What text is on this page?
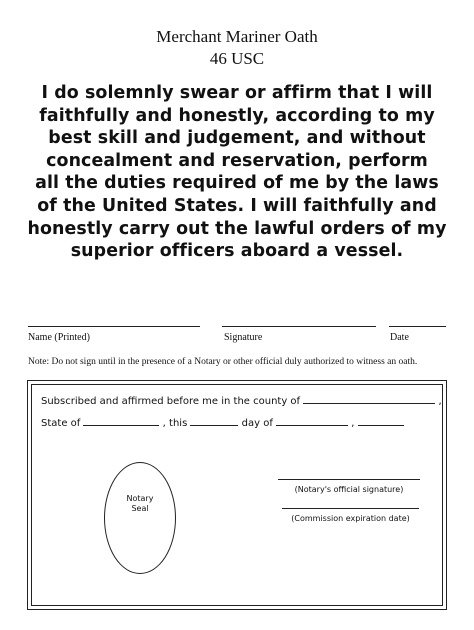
Merchant Mariner Oath
46 USC
I do solemnly swear or affirm that I will
faithfully and honestly, according to my
best skill and judgement, and without
concealment and reservation, perform
all the duties required of me by the laws
of the United States. I will faithfully and
honestly carry out the lawful orders of my
superior officers aboard a vessel.
Name (Printed)	Signature	Date
Note: Do not sign until in the presence of a Notary or other official duly authorized to witness an oath.
Subscribed and affirmed before me in the county of	,
State of	, this	day of	,
Notary
Seal
(Notary's official signature)
(Commission expiration date)
